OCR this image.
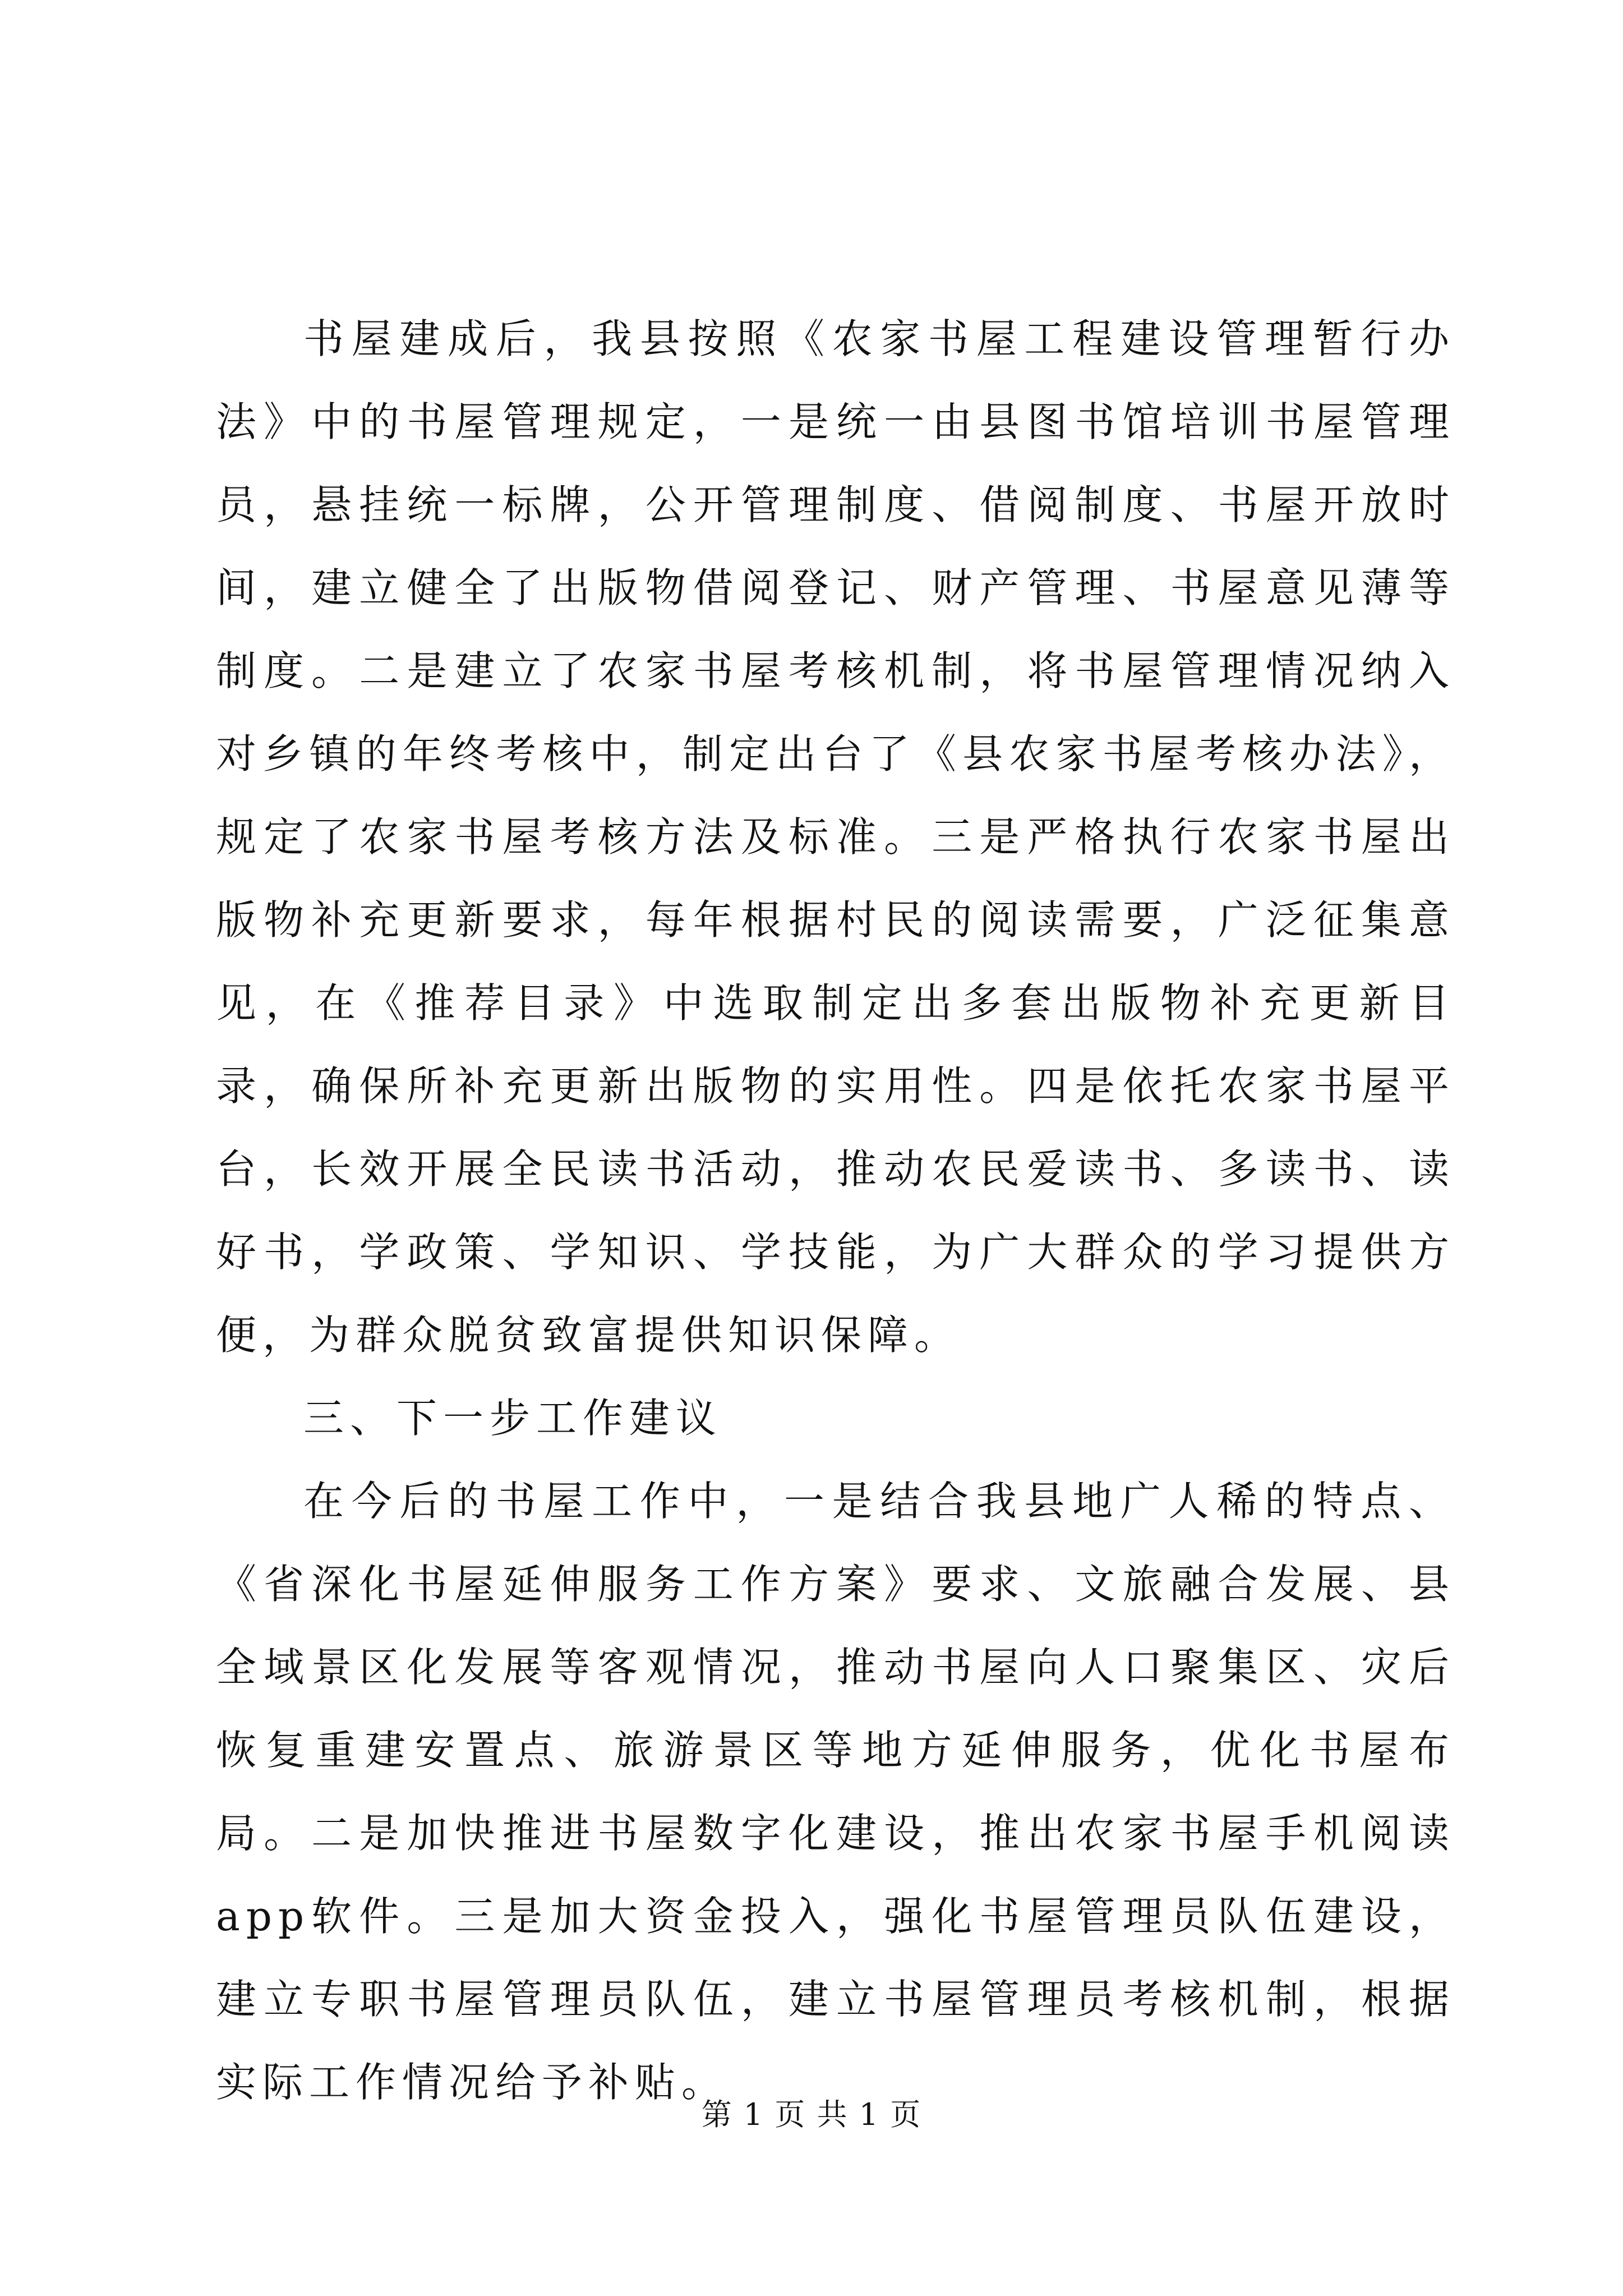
书屋建成后，我县按照《农家书屋工程建设管理暂行办法》中的书屋管理规定，一是统一由县图书馆培训书屋管理员，悬挂统一标牌，公开管理制度、借阅制度、书屋开放时间，建立健全了出版物借阅登记、财产管理、书屋意见薄等制度。二是建立了农家书屋考核机制，将书屋管理情况纳入对乡镇的年终考核中，制定出台了《县农家书屋考核办法》，规定了农家书屋考核方法及标准。三是严格执行农家书屋出版物补充更新要求，每年根据村民的阅读需要，广泛征集意见，在《推荐目录》中选取制定出多套出版物补充更新目录，确保所补充更新出版物的实用性。四是依托农家书屋平台，长效开展全民读书活动，推动农民爱读书、多读书、读好书，学政策、学知识、学技能，为广大群众的学习提供方便，为群众脱贫致富提供知识保障。

三、下一步工作建议

在今后的书屋工作中，一是结合我县地广人稀的特点、《省深化书屋延伸服务工作方案》要求、文旅融合发展、县全域景区化发展等客观情况，推动书屋向人口聚集区、灾后恢复重建安置点、旅游景区等地方延伸服务，优化书屋布局。二是加快推进书屋数字化建设，推出农家书屋手机阅读app软件。三是加大资金投入，强化书屋管理员队伍建设，建立专职书屋管理员队伍，建立书屋管理员考核机制，根据实际工作情况给予补贴。

第 1 页 共 1 页
